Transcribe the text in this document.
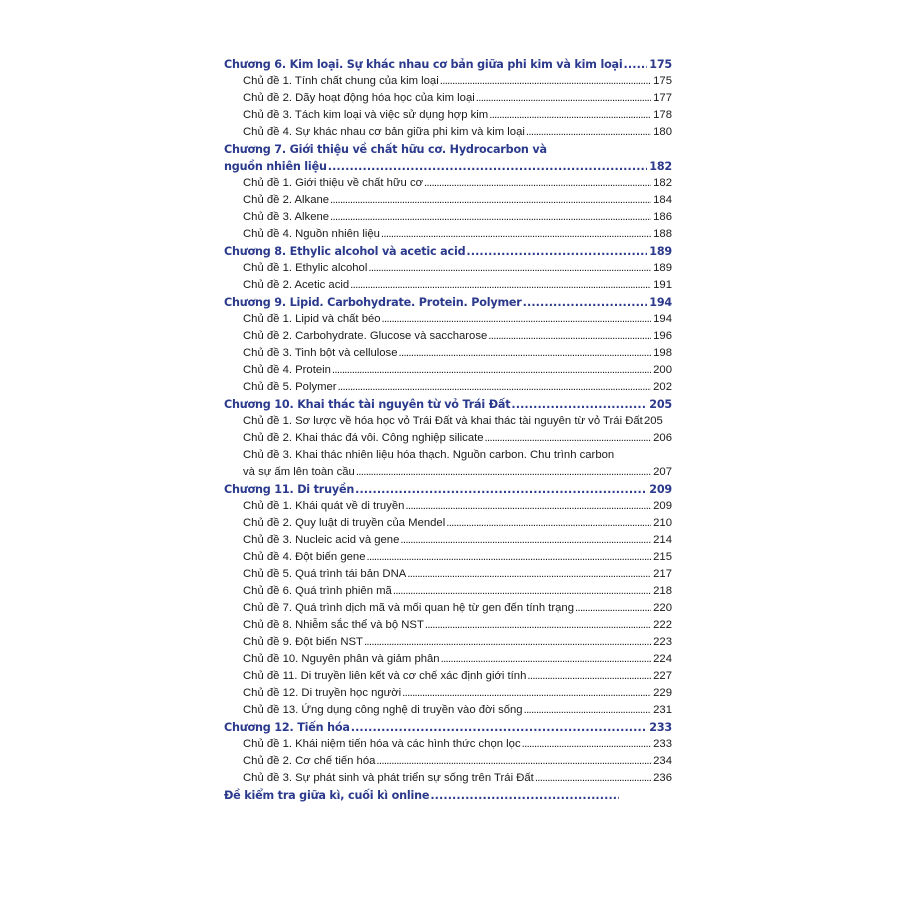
Chương 6. Kim loại. Sự khác nhau cơ bản giữa phi kim và kim loại . . . 175
Chủ đề 1. Tính chất chung của kim loại . . .	175
Chủ đề 2. Dãy hoạt động hóa học của kim loại . . .	177
Chủ đề 3. Tách kim loại và việc sử dụng hợp kim . . .	178
Chủ đề 4. Sự khác nhau cơ bản giữa phi kim và kim loại . . .	180
Chương 7. Giới thiệu về chất hữu cơ. Hydrocarbon và
nguồn nhiên liệu . . .	182
Chủ đề 1. Giới thiệu về chất hữu cơ . . .	182
Chủ đề 2. Alkane . . .	184
Chủ đề 3. Alkene . . .	186
Chủ đề 4. Nguồn nhiên liệu . . .	188
Chương 8. Ethylic alcohol và acetic acid . . .	189
Chủ đề 1. Ethylic alcohol . . .	189
Chủ đề 2. Acetic acid . . .	191
Chương 9. Lipid. Carbohydrate. Protein. Polymer . . .	194
Chủ đề 1. Lipid và chất béo . . .	194
Chủ đề 2. Carbohydrate. Glucose và saccharose . . .	196
Chủ đề 3. Tinh bột và cellulose . . .	198
Chủ đề 4. Protein . . .	200
Chủ đề 5. Polymer . . .	202
Chương 10. Khai thác tài nguyên từ vỏ Trái Đất . . .	205
Chủ đề 1. Sơ lược về hóa học vỏ Trái Đất và khai thác tài nguyên từ vỏ Trái Đất 205
Chủ đề 2. Khai thác đá vôi. Công nghiệp silicate . . .	206
Chủ đề 3. Khai thác nhiên liệu hóa thạch. Nguồn carbon. Chu trình carbon
và sự ấm lên toàn cầu . . .	207
Chương 11. Di truyền . . .	209
Chủ đề 1. Khái quát về di truyền . . .	209
Chủ đề 2. Quy luật di truyền của Mendel . . .	210
Chủ đề 3. Nucleic acid và gene . . .	214
Chủ đề 4. Đột biến gene . . .	215
Chủ đề 5. Quá trình tái bản DNA . . .	217
Chủ đề 6. Quá trình phiên mã . . .	218
Chủ đề 7. Quá trình dịch mã và mối quan hệ từ gen đến tính trạng . . .	220
Chủ đề 8. Nhiễm sắc thể và bộ NST . . .	222
Chủ đề 9. Đột biến NST . . .	223
Chủ đề 10. Nguyên phân và giảm phân . . .	224
Chủ đề 11. Di truyền liên kết và cơ chế xác định giới tính . . .	227
Chủ đề 12. Di truyền học người . . .	229
Chủ đề 13. Ứng dụng công nghệ di truyền vào đời sống . . .	231
Chương 12. Tiến hóa . . .	233
Chủ đề 1. Khái niệm tiến hóa và các hình thức chọn lọc . . .	233
Chủ đề 2. Cơ chế tiến hóa . . .	234
Chủ đề 3. Sự phát sinh và phát triển sự sống trên Trái Đất . . .	236
Đề kiểm tra giữa kì, cuối kì online
. . .
